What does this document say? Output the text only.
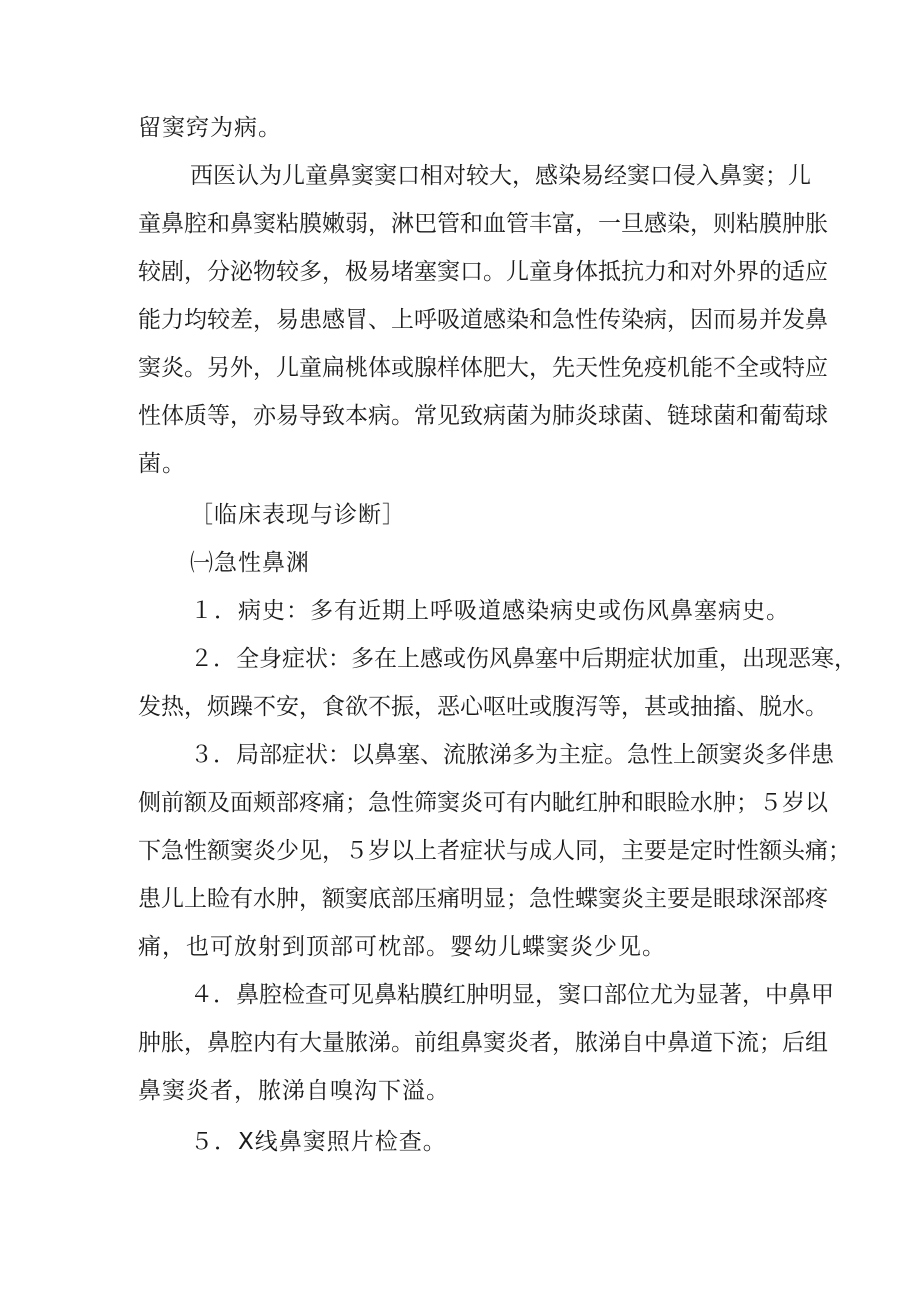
留窦窍为病。
西医认为儿童鼻窦窦口相对较大，感染易经窦口侵入鼻窦；儿
童鼻腔和鼻窦粘膜嫩弱，淋巴管和血管丰富，一旦感染，则粘膜肿胀
较剧，分泌物较多，极易堵塞窦口。儿童身体抵抗力和对外界的适应
能力均较差，易患感冒、上呼吸道感染和急性传染病，因而易并发鼻
窦炎。另外，儿童扁桃体或腺样体肥大，先天性免疫机能不全或特应
性体质等，亦易导致本病。常见致病菌为肺炎球菌、链球菌和葡萄球
菌。
［临床表现与诊断］
㈠急性鼻渊
１．病史：多有近期上呼吸道感染病史或伤风鼻塞病史。
２．全身症状：多在上感或伤风鼻塞中后期症状加重，出现恶寒，
发热，烦躁不安，食欲不振，恶心呕吐或腹泻等，甚或抽搐、脱水。
３．局部症状：以鼻塞、流脓涕多为主症。急性上颌窦炎多伴患
侧前额及面颊部疼痛；急性筛窦炎可有内眦红肿和眼睑水肿；５岁以
下急性额窦炎少见，５岁以上者症状与成人同，主要是定时性额头痛；
患儿上睑有水肿，额窦底部压痛明显；急性蝶窦炎主要是眼球深部疼
痛，也可放射到顶部可枕部。婴幼儿蝶窦炎少见。
４．鼻腔检查可见鼻粘膜红肿明显，窦口部位尤为显著，中鼻甲
肿胀，鼻腔内有大量脓涕。前组鼻窦炎者，脓涕自中鼻道下流；后组
鼻窦炎者，脓涕自嗅沟下溢。
５．X线鼻窦照片检查。
